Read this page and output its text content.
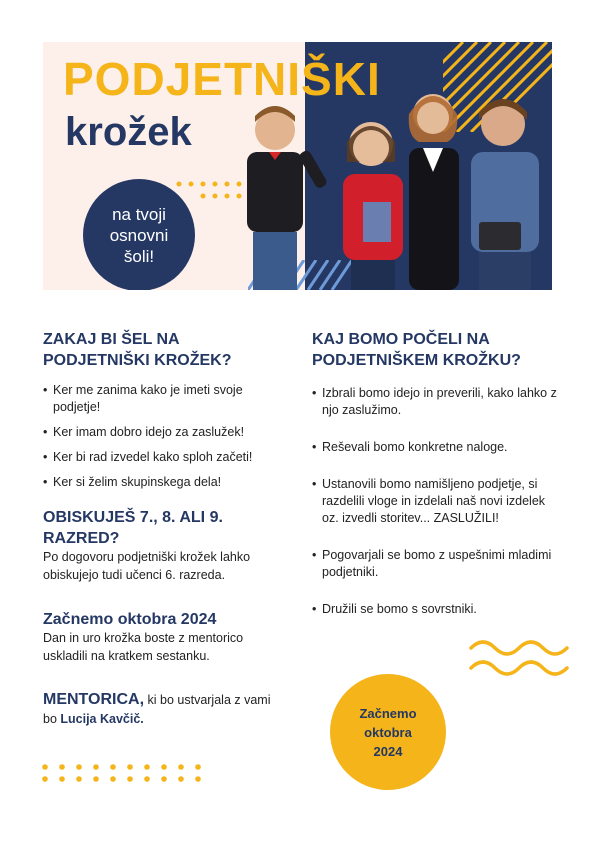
PODJETNIŠKI
krožek
na tvoji osnovni šoli!
ZAKAJ BI ŠEL NA PODJETNIŠKI KROŽEK?
• Ker me zanima kako je imeti svoje podjetje!
• Ker imam dobro idejo za zaslužek!
• Ker bi rad izvedel kako sploh začeti!
• Ker si želim skupinskega dela!
OBISKUJEŠ 7., 8. ALI 9. RAZRED?
Po dogovoru podjetniški krožek lahko obiskujejo tudi učenci 6. razreda.
Začnemo oktobra 2024
Dan in uro krožka boste z mentorico uskladili na kratkem sestanku.
MENTORICA, ki bo ustvarjala z vami bo Lucija Kavčič.
KAJ BOMO POČELI NA PODJETNIŠKEM KROŽKU?
• Izbrali bomo idejo in preverili, kako lahko z njo zaslužimo.
• Reševali bomo konkretne naloge.
• Ustanovili bomo namišljeno podjetje, si razdelili vloge in izdelali naš novi izdelek oz. izvedli storitev... ZASLUŽILI!
• Pogovarjali se bomo z uspešnimi mladimi podjetniki.
• Družili se bomo s sovrstniki.
Začnemo oktobra 2024
